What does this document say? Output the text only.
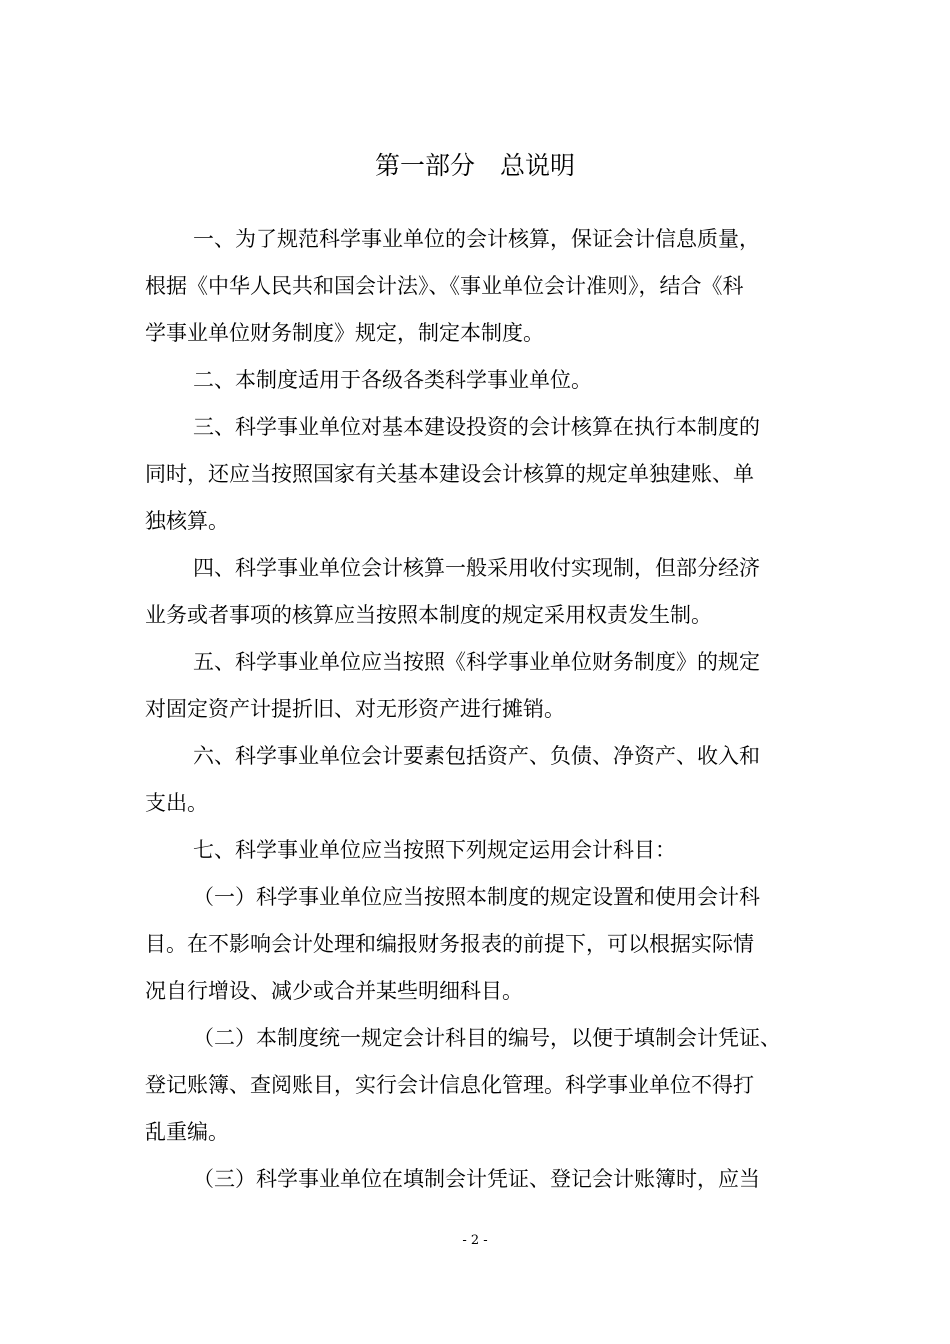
第一部分　总说明
一、为了规范科学事业单位的会计核算，保证会计信息质量，
根据《中华人民共和国会计法》、《事业单位会计准则》，结合《科
学事业单位财务制度》规定，制定本制度。
二、本制度适用于各级各类科学事业单位。
三、科学事业单位对基本建设投资的会计核算在执行本制度的
同时，还应当按照国家有关基本建设会计核算的规定单独建账、单
独核算。
四、科学事业单位会计核算一般采用收付实现制，但部分经济
业务或者事项的核算应当按照本制度的规定采用权责发生制。
五、科学事业单位应当按照《科学事业单位财务制度》的规定
对固定资产计提折旧、对无形资产进行摊销。
六、科学事业单位会计要素包括资产、负债、净资产、收入和
支出。
七、科学事业单位应当按照下列规定运用会计科目：
（一）科学事业单位应当按照本制度的规定设置和使用会计科
目。在不影响会计处理和编报财务报表的前提下，可以根据实际情
况自行增设、减少或合并某些明细科目。
（二）本制度统一规定会计科目的编号，以便于填制会计凭证、
登记账簿、查阅账目，实行会计信息化管理。科学事业单位不得打
乱重编。
（三）科学事业单位在填制会计凭证、登记会计账簿时，应当
- 2 -
